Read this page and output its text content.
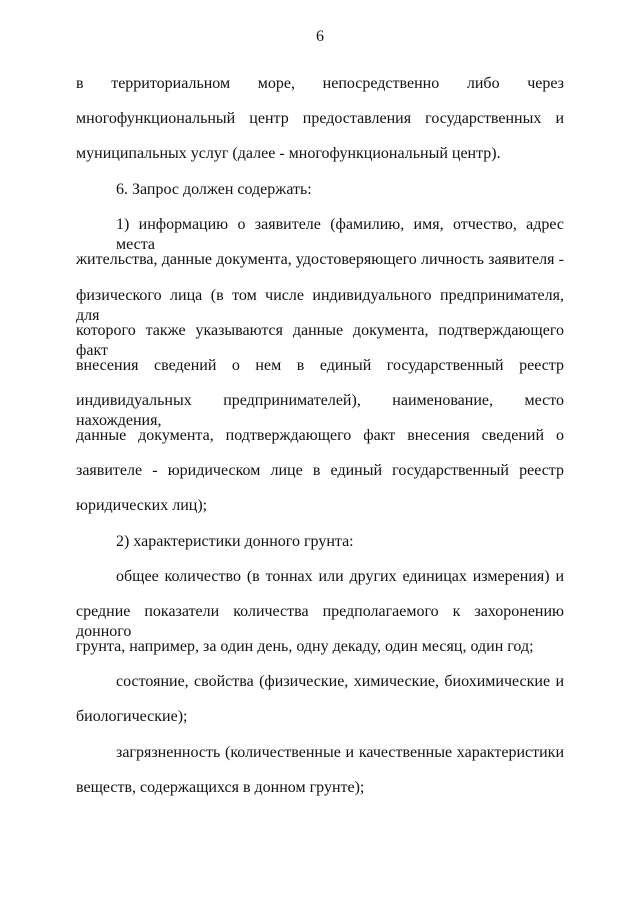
6
в территориальном море, непосредственно либо через
многофункциональный центр предоставления государственных и
муниципальных услуг (далее - многофункциональный центр).
6. Запрос должен содержать:
1) информацию о заявителе (фамилию, имя, отчество, адрес места
жительства, данные документа, удостоверяющего личность заявителя -
физического лица (в том числе индивидуального предпринимателя, для
которого также указываются данные документа, подтверждающего факт
внесения сведений о нем в единый государственный реестр
индивидуальных предпринимателей), наименование, место нахождения,
данные документа, подтверждающего факт внесения сведений о
заявителе - юридическом лице в единый государственный реестр
юридических лиц);
2) характеристики донного грунта:
общее количество (в тоннах или других единицах измерения) и
средние показатели количества предполагаемого к захоронению донного
грунта, например, за один день, одну декаду, один месяц, один год;
состояние, свойства (физические, химические, биохимические и
биологические);
загрязненность (количественные и качественные характеристики
веществ, содержащихся в донном грунте);
